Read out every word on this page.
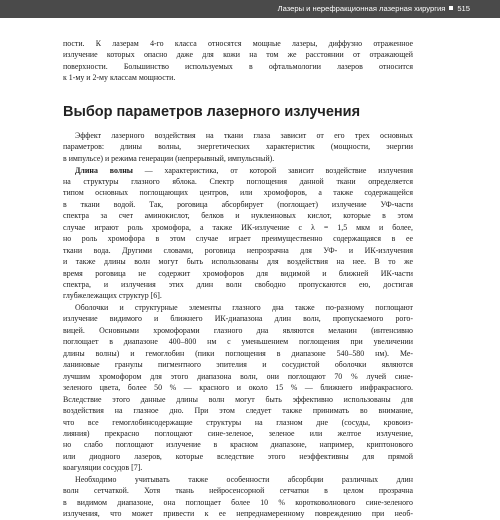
Лазеры и нерефракционная лазерная хирургия 515
пости. К лазерам 4-го класса относятся мощные лазеры, диффузно отраженное
излучение которых опасно даже для кожи на том же расстоянии от отражающей
поверхности. Большинство используемых в офтальмологии лазеров относится
к 1-му и 2-му классам мощности.
Выбор параметров лазерного излучения
Эффект лазерного воздействия на ткани глаза зависит от его трех основных
параметров: длины волны, энергетических характеристик (мощности, энергии
в импульсе) и режима генерации (непрерывный, импульсный).
Длина волны — характеристика, от которой зависит воздействие излучения
на структуры глазного яблока. Спектр поглощения данной ткани определяется
типом основных поглощающих центров, или хромофоров, а также содержащейся
в ткани водой. Так, роговица абсорбирует (поглощает) излучение УФ-части
спектра за счет аминокислот, белков и нуклеиновых кислот, которые в этом
случае играют роль хромофора, а также ИК-излучение с λ = 1,5 мкм и более,
но роль хромофора в этом случае играет преимущественно содержащаяся в ее
ткани вода. Другими словами, роговица непрозрачна для УФ- и ИК-излучения
и также длины волн могут быть использованы для воздействия на нее. В то же
время роговица не содержит хромофоров для видимой и ближней ИК-части
спектра, и излучения этих длин волн свободно пропускаются ею, достигая
глубжележащих структур [6].
Оболочки и структурные элементы глазного дна также по-разному поглощают
излучение видимого и ближнего ИК-диапазона длин волн, пропускаемого рого-
вицей. Основными хромофорами глазного дна являются меланин (интенсивно
поглощает в диапазоне 400–800 нм с уменьшением поглощения при увеличении
длины волны) и гемоглобин (пики поглощения в диапазоне 540–580 нм). Ме-
ланиновые гранулы пигментного эпителия и сосудистой оболочки являются
лучшим хромофором для этого диапазона волн, они поглощают 70 % лучей сине-
зеленого цвета, более 50 % — красного и около 15 % — ближнего инфракрасного.
Вследствие этого данные длины волн могут быть эффективно использованы для
воздействия на глазное дно. При этом следует также принимать во внимание,
что все гемоглобинсодержащие структуры на глазном дне (сосуды, кровоиз-
лияния) прекрасно поглощают сине-зеленое, зеленое или желтое излучение,
но слабо поглощают излучение в красном диапазоне, например, криптонового
или диодного лазеров, которые вследствие этого неэффективны для прямой
коагуляции сосудов [7].
Необходимо учитывать также особенности абсорбции различных длин
волн сетчаткой. Хотя ткань нейросенсорной сетчатки в целом прозрачна
в видимом диапазоне, она поглощает более 10 % коротковолнового сине-зеленого
излучения, что может привести к ее непреднамеренному повреждению при необ-
